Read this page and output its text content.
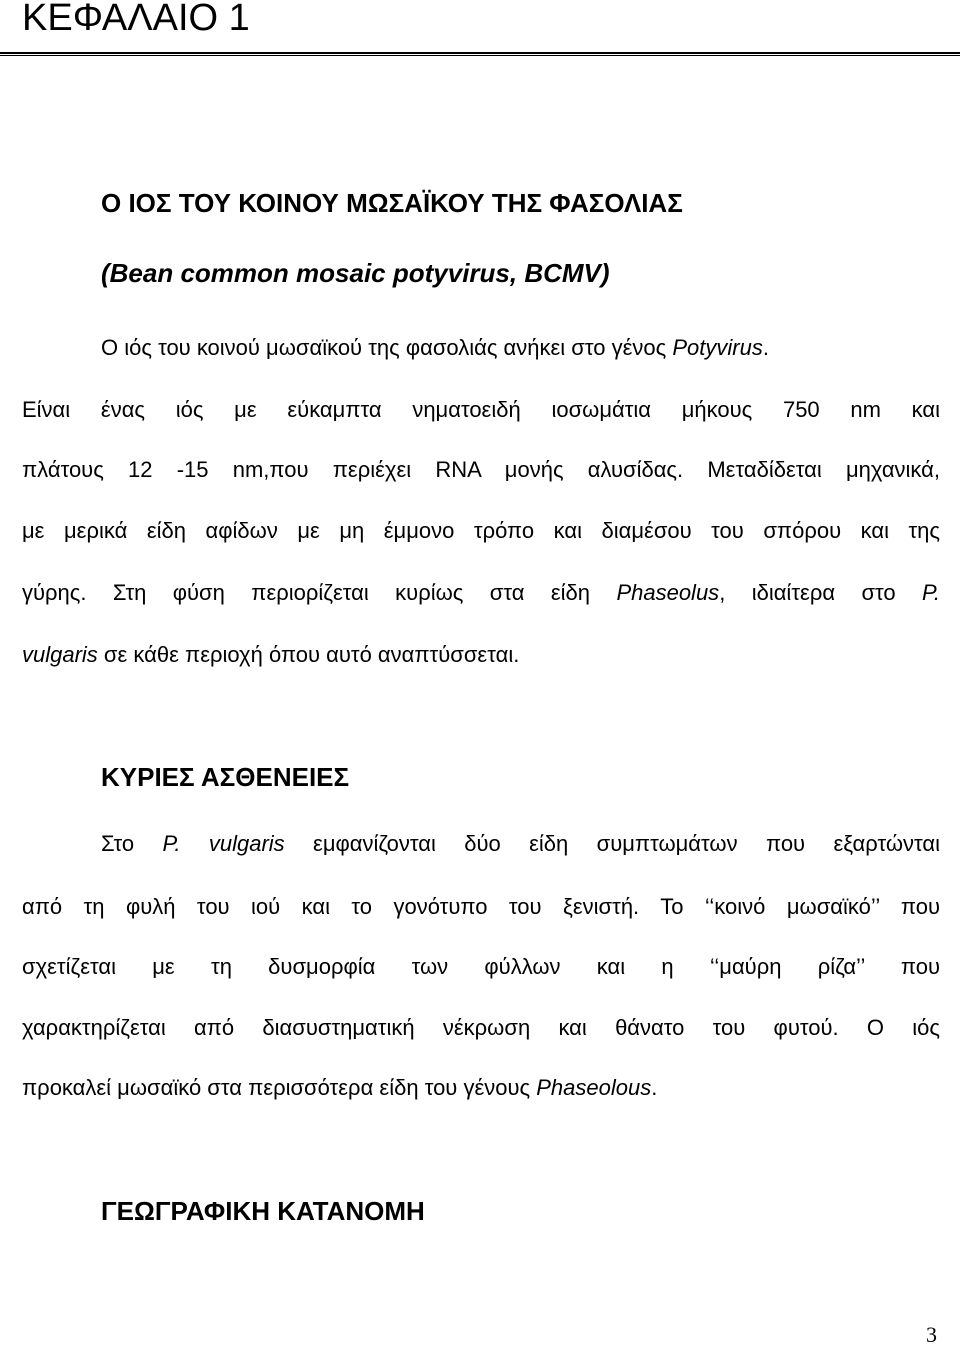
ΚΕΦΑΛΑΙΟ 1
Ο ΙΟΣ ΤΟΥ ΚΟΙΝΟΥ ΜΩΣΑΪΚΟΥ ΤΗΣ ΦΑΣΟΛΙΑΣ
(Bean common mosaic potyvirus, BCMV)
Ο ιός του κοινού μωσαϊκού της φασολιάς ανήκει στο γένος Potyvirus.
Είναι ένας ιός με εύκαμπτα νηματοειδή ιοσωμάτια μήκους 750 nm και
πλάτους 12 -15 nm,που περιέχει RNA μονής αλυσίδας. Μεταδίδεται μηχανικά,
με μερικά είδη αφίδων με μη έμμονο τρόπο και διαμέσου του σπόρου και της
γύρης. Στη φύση περιορίζεται κυρίως στα είδη Phaseolus, ιδιαίτερα στο P.
vulgaris σε κάθε περιοχή όπου αυτό αναπτύσσεται.
ΚΥΡΙΕΣ ΑΣΘΕΝΕΙΕΣ
Στο P. vulgaris εμφανίζονται δύο είδη συμπτωμάτων που εξαρτώνται
από τη φυλή του ιού και το γονότυπο του ξενιστή. Το ‘‘κοινό μωσαϊκό’’ που
σχετίζεται με τη δυσμορφία των φύλλων και η ‘‘μαύρη ρίζα’’ που
χαρακτηρίζεται από διασυστηματική νέκρωση και θάνατο του φυτού. Ο ιός
προκαλεί μωσαϊκό στα περισσότερα είδη του γένους Phaseolous.
ΓΕΩΓΡΑΦΙΚΗ ΚΑΤΑΝΟΜΗ
3
